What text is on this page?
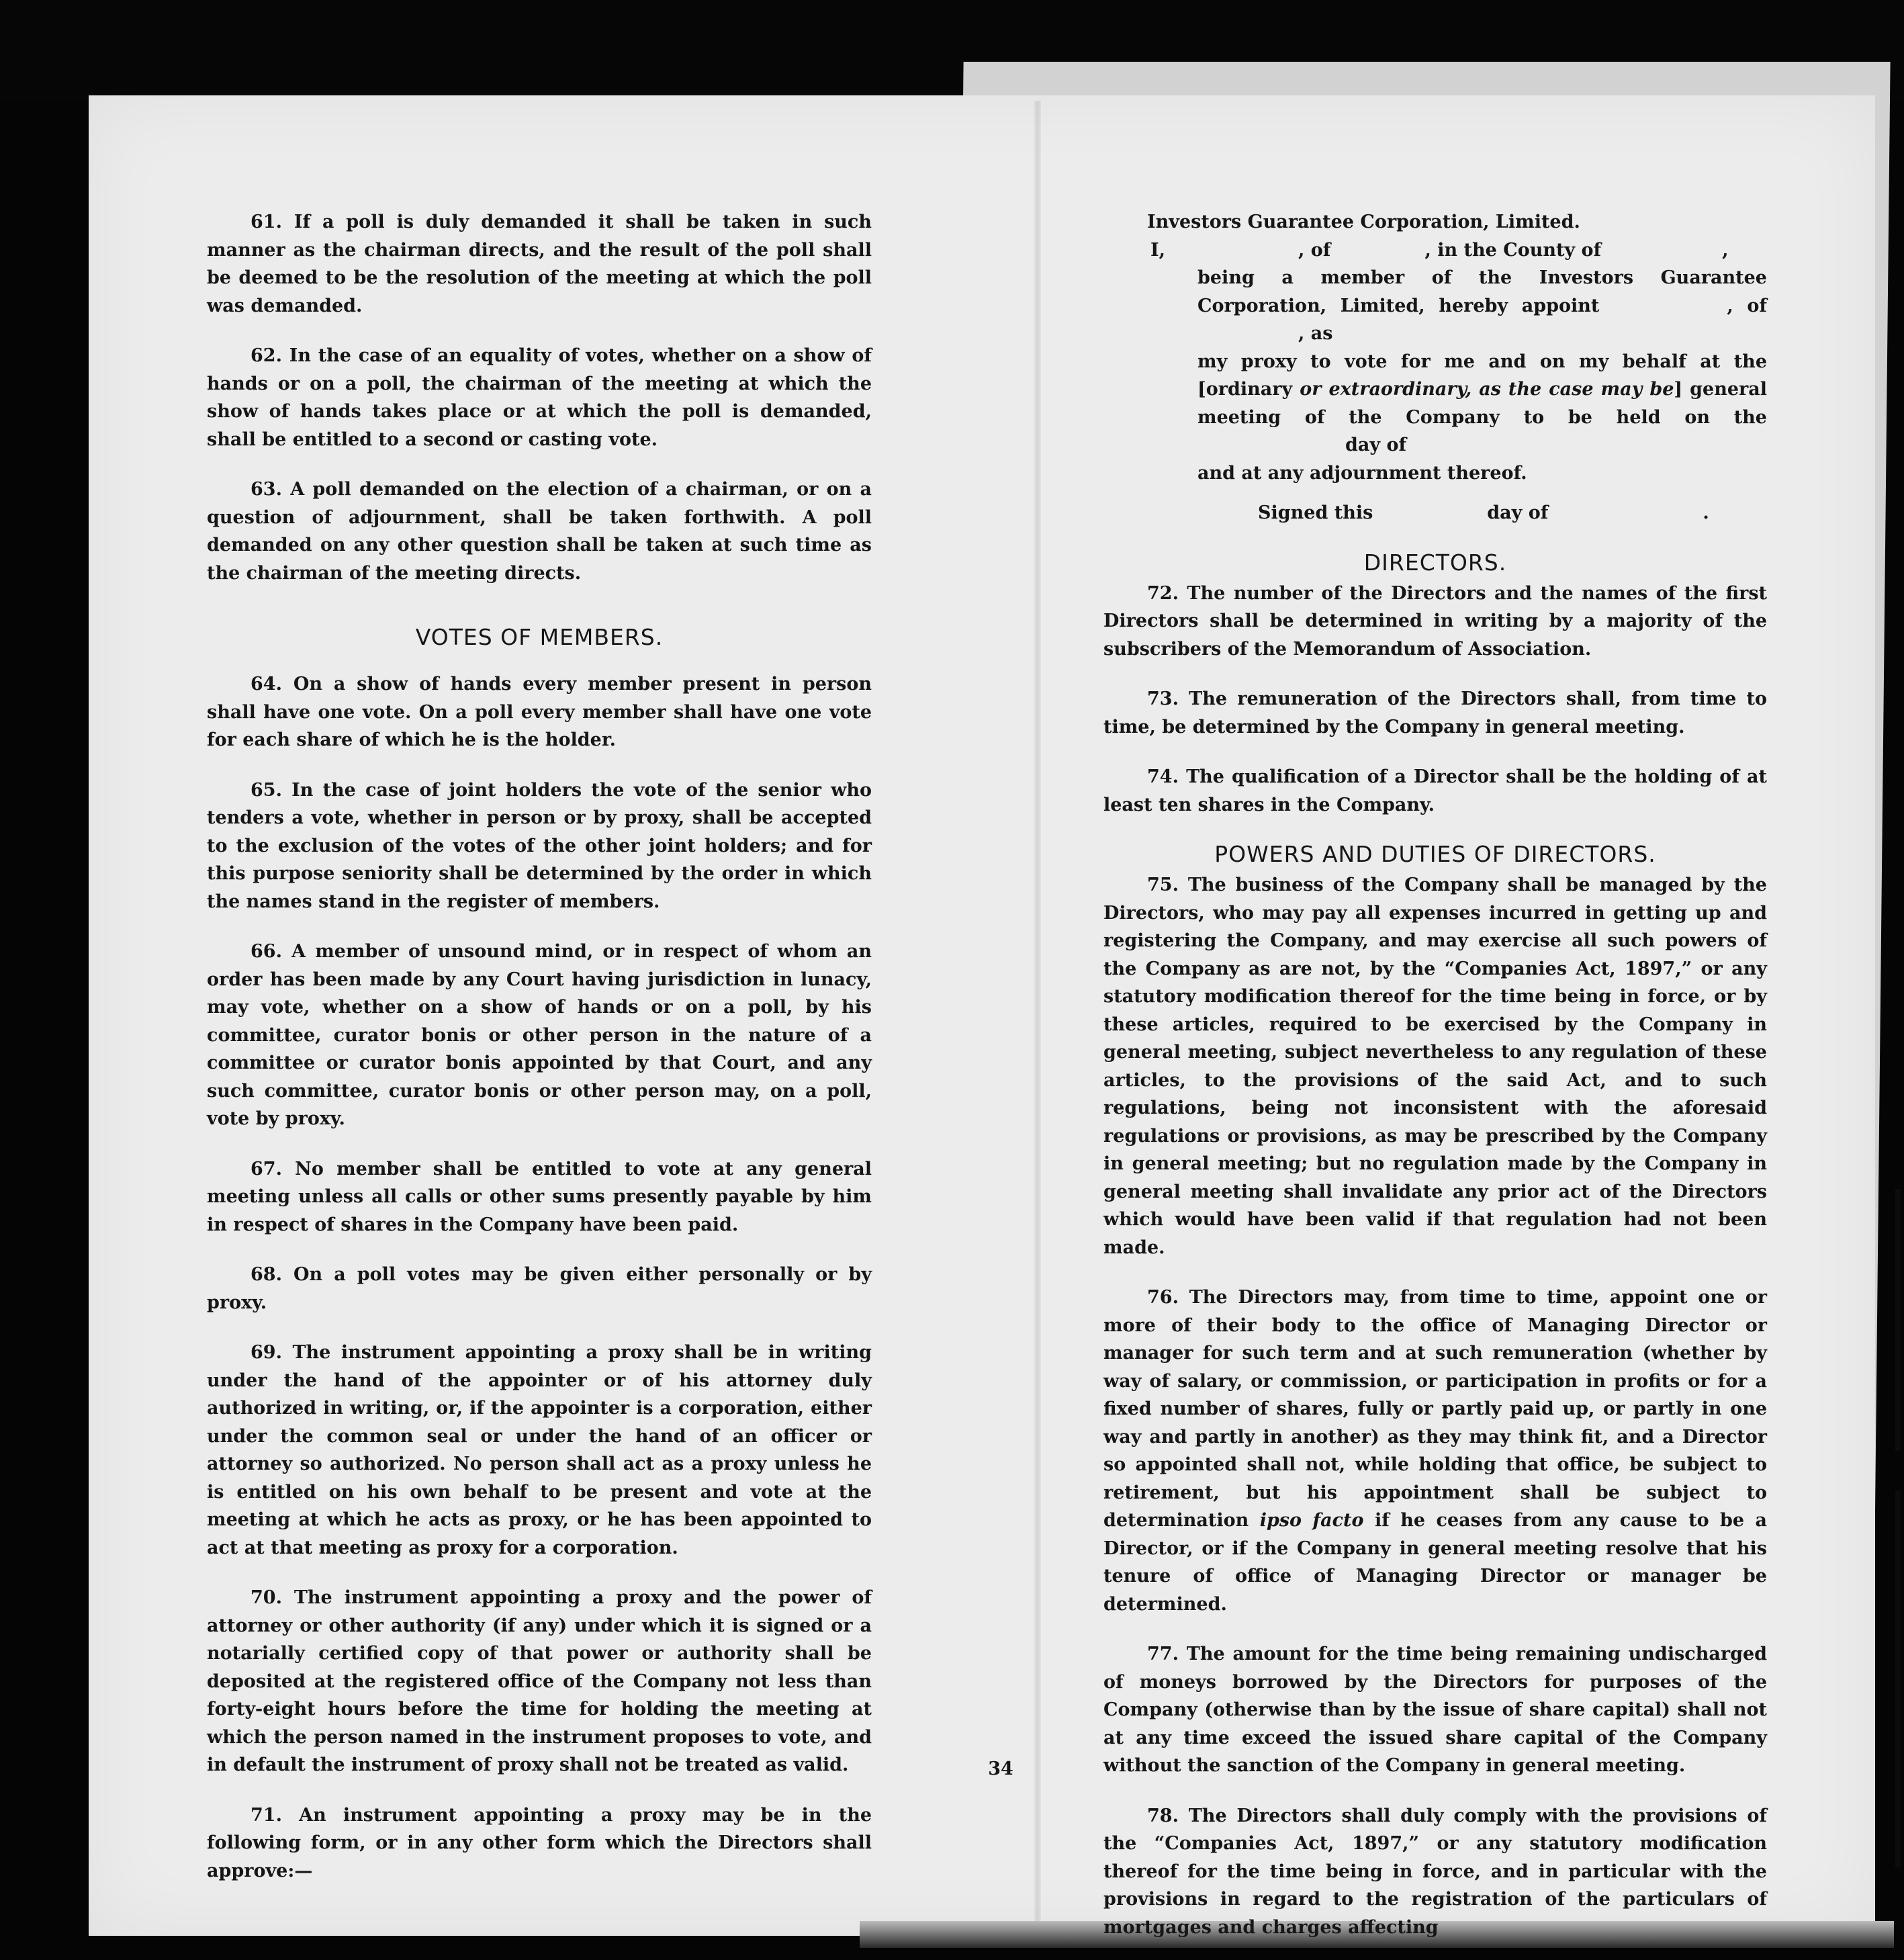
61. If a poll is duly demanded it shall be taken in such manner as the chairman directs, and the result of the poll shall be deemed to be the resolution of the meeting at which the poll was demanded.

62. In the case of an equality of votes, whether on a show of hands or on a poll, the chairman of the meeting at which the show of hands takes place or at which the poll is demanded, shall be entitled to a second or casting vote.

63. A poll demanded on the election of a chairman, or on a question of adjournment, shall be taken forthwith. A poll demanded on any other question shall be taken at such time as the chairman of the meeting directs.

VOTES OF MEMBERS.

64. On a show of hands every member present in person shall have one vote. On a poll every member shall have one vote for each share of which he is the holder.

65. In the case of joint holders the vote of the senior who tenders a vote, whether in person or by proxy, shall be accepted to the exclusion of the votes of the other joint holders; and for this purpose seniority shall be determined by the order in which the names stand in the register of members.

66. A member of unsound mind, or in respect of whom an order has been made by any Court having jurisdiction in lunacy, may vote, whether on a show of hands or on a poll, by his committee, curator bonis or other person in the nature of a committee or curator bonis appointed by that Court, and any such committee, curator bonis or other person may, on a poll, vote by proxy.

67. No member shall be entitled to vote at any general meeting unless all calls or other sums presently payable by him in respect of shares in the Company have been paid.

68. On a poll votes may be given either personally or by proxy.

69. The instrument appointing a proxy shall be in writing under the hand of the appointer or of his attorney duly authorized in writing, or, if the appointer is a corporation, either under the common seal or under the hand of an officer or attorney so authorized. No person shall act as a proxy unless he is entitled on his own behalf to be present and vote at the meeting at which he acts as proxy, or he has been appointed to act at that meeting as proxy for a corporation.

70. The instrument appointing a proxy and the power of attorney or other authority (if any) under which it is signed or a notarially certified copy of that power or authority shall be deposited at the registered office of the Company not less than forty-eight hours before the time for holding the meeting at which the person named in the instrument proposes to vote, and in default the instrument of proxy shall not be treated as valid.

71. An instrument appointing a proxy may be in the following form, or in any other form which the Directors shall approve:—

Investors Guarantee Corporation, Limited.

I,	, of	, in the County of	,
being a member of the Investors Guarantee Corporation, Limited, hereby appoint	, of, as
my proxy to vote for me and on my behalf at the [ordinary or extraordinary, as the case may be] general meeting of the Company to be held on theday of
and at any adjournment thereof.
Signed this	day of	.
DIRECTORS.

72. The number of the Directors and the names of the first Directors shall be determined in writing by a majority of the subscribers of the Memorandum of Association.

73. The remuneration of the Directors shall, from time to time, be determined by the Company in general meeting.

74. The qualification of a Director shall be the holding of at least ten shares in the Company.

POWERS AND DUTIES OF DIRECTORS.

75. The business of the Company shall be managed by the Directors, who may pay all expenses incurred in getting up and registering the Company, and may exercise all such powers of the Company as are not, by the “Companies Act, 1897,” or any statutory modification thereof for the time being in force, or by these articles, required to be exercised by the Company in general meeting, subject nevertheless to any regulation of these articles, to the provisions of the said Act, and to such regulations, being not inconsistent with the aforesaid regulations or provisions, as may be prescribed by the Company in general meeting; but no regulation made by the Company in general meeting shall invalidate any prior act of the Directors which would have been valid if that regulation had not been made.

76. The Directors may, from time to time, appoint one or more of their body to the office of Managing Director or manager for such term and at such remuneration (whether by way of salary, or commission, or participation in profits or for a fixed number of shares, fully or partly paid up, or partly in one way and partly in another) as they may think fit, and a Director so appointed shall not, while holding that office, be subject to retirement, but his appointment shall be subject to determination ipso facto if he ceases from any cause to be a Director, or if the Company in general meeting resolve that his tenure of office of Managing Director or manager be determined.

77. The amount for the time being remaining undischarged of moneys borrowed by the Directors for purposes of the Company (otherwise than by the issue of share capital) shall not at any time exceed the issued share capital of the Company without the sanction of the Company in general meeting.

78. The Directors shall duly comply with the provisions of the “Companies Act, 1897,” or any statutory modification thereof for the time being in force, and in particular with the provisions in regard to the registration of the particulars of mortgages and charges affecting

34
